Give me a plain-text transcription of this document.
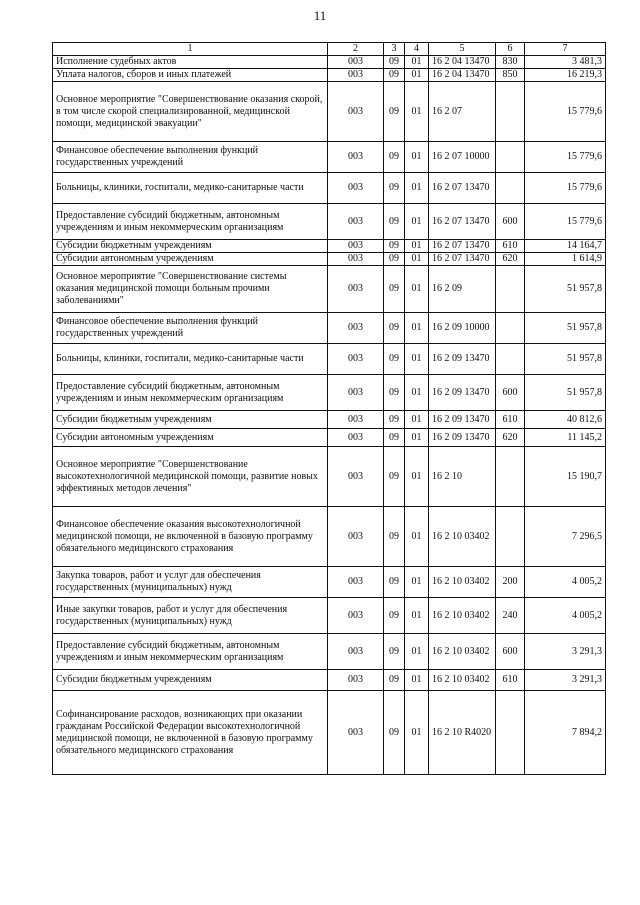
11
1	2	3	4	5	6	7
Исполнение судебных актов	003	09	01	16 2 04 13470	830	3 481,3
Уплата налогов, сборов и иных платежей	003	09	01	16 2 04 13470	850	16 219,3
Основное мероприятие "Совершенствование оказания скорой, в том числе скорой специализированной, медицинской помощи, медицинской эвакуации"	003	09	01	16 2 07		15 779,6
Финансовое обеспечение выполнения функций государственных учреждений	003	09	01	16 2 07 10000		15 779,6
Больницы, клиники, госпитали, медико-санитарные части	003	09	01	16 2 07 13470		15 779,6
Предоставление субсидий бюджетным, автономным учреждениям и иным некоммерческим организациям	003	09	01	16 2 07 13470	600	15 779,6
Субсидии бюджетным учреждениям	003	09	01	16 2 07 13470	610	14 164,7
Субсидии автономным учреждениям	003	09	01	16 2 07 13470	620	1 614,9
Основное мероприятие "Совершенствование системы оказания медицинской помощи больным прочими заболеваниями"	003	09	01	16 2 09		51 957,8
Финансовое обеспечение выполнения функций государственных учреждений	003	09	01	16 2 09 10000		51 957,8
Больницы, клиники, госпитали, медико-санитарные части	003	09	01	16 2 09 13470		51 957,8
Предоставление субсидий бюджетным, автономным учреждениям и иным некоммерческим организациям	003	09	01	16 2 09 13470	600	51 957,8
Субсидии бюджетным учреждениям	003	09	01	16 2 09 13470	610	40 812,6
Субсидии автономным учреждениям	003	09	01	16 2 09 13470	620	11 145,2
Основное мероприятие "Совершенствование высокотехнологичной медицинской помощи, развитие новых эффективных методов лечения"	003	09	01	16 2 10		15 190,7
Финансовое обеспечение оказания высокотехнологичной медицинской помощи, не включенной в базовую программу обязательного медицинского страхования	003	09	01	16 2 10 03402		7 296,5
Закупка товаров, работ и услуг для обеспечения государственных (муниципальных) нужд	003	09	01	16 2 10 03402	200	4 005,2
Иные закупки товаров, работ и услуг для обеспечения государственных (муниципальных) нужд	003	09	01	16 2 10 03402	240	4 005,2
Предоставление субсидий бюджетным, автономным учреждениям и иным некоммерческим организациям	003	09	01	16 2 10 03402	600	3 291,3
Субсидии бюджетным учреждениям	003	09	01	16 2 10 03402	610	3 291,3
Софинансирование расходов, возникающих при оказании гражданам Российской Федерации высокотехнологичной медицинской помощи, не включенной в базовую программу обязательного медицинского страхования	003	09	01	16 2 10 R4020		7 894,2
